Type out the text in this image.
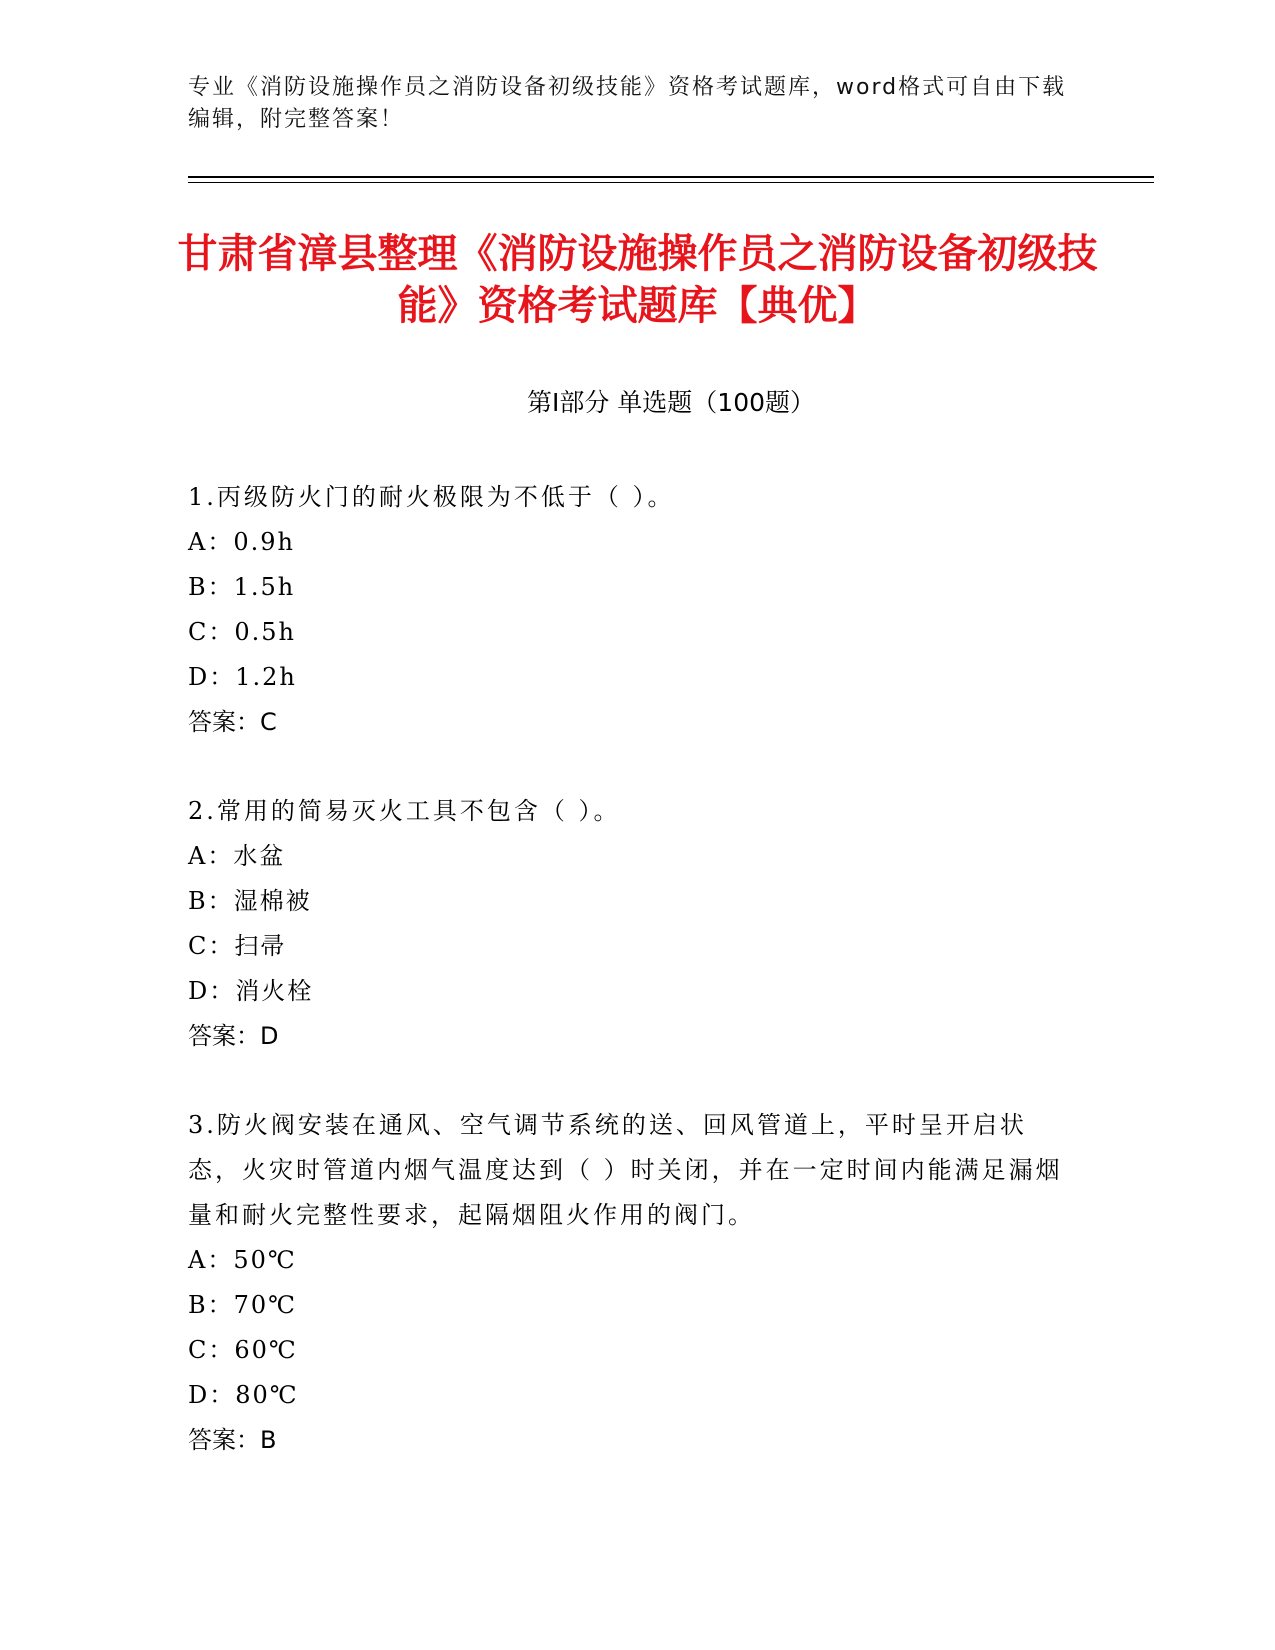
专业《消防设施操作员之消防设备初级技能》资格考试题库，word格式可自由下载编辑，附完整答案！
甘肃省漳县整理《消防设施操作员之消防设备初级技能》资格考试题库【典优】
第Ⅰ部分 单选题（100题）

1.丙级防火门的耐火极限为不低于（ ）。

A：0.9h

B：1.5h

C：0.5h

D：1.2h

答案：C

2.常用的简易灭火工具不包含（ ）。

A：水盆

B：湿棉被

C：扫帚

D：消火栓

答案：D

3.防火阀安装在通风、空气调节系统的送、回风管道上，平时呈开启状态，火灾时管道内烟气温度达到（ ）时关闭，并在一定时间内能满足漏烟量和耐火完整性要求，起隔烟阻火作用的阀门。

A：50℃

B：70℃

C：60℃

D：80℃

答案：B
